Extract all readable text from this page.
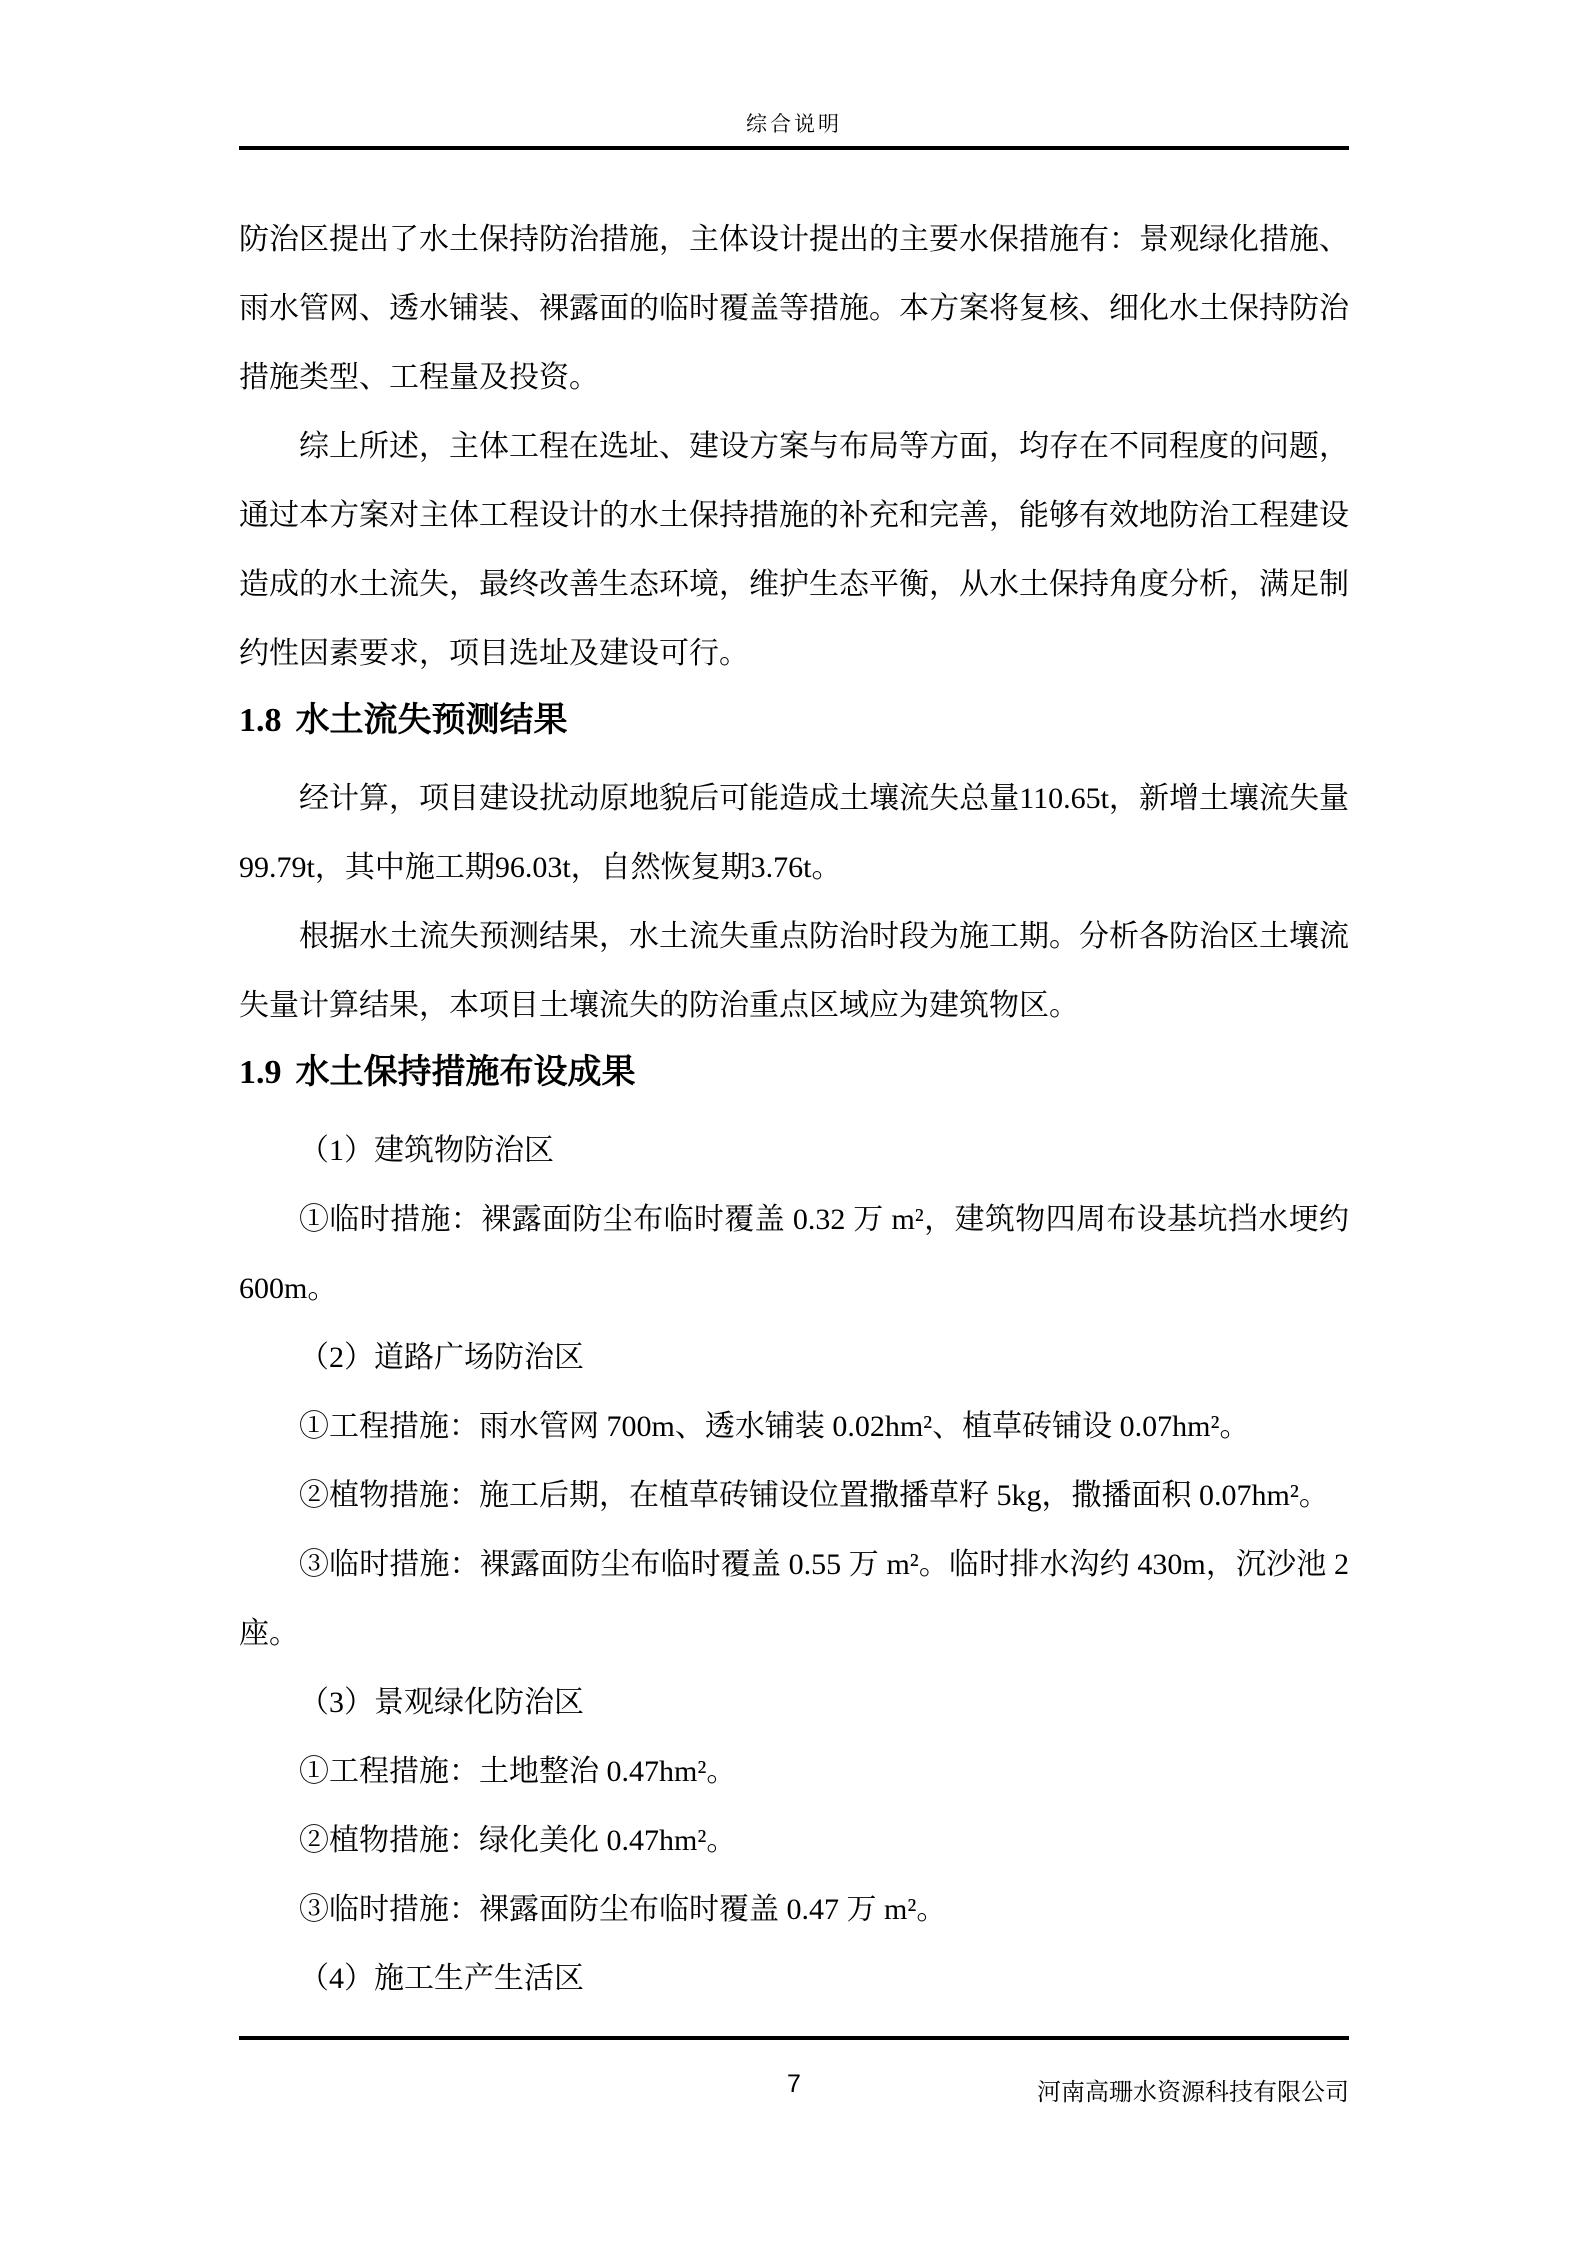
综合说明

防治区提出了水土保持防治措施，主体设计提出的主要水保措施有：景观绿化措施、雨水管网、透水铺装、裸露面的临时覆盖等措施。本方案将复核、细化水土保持防治措施类型、工程量及投资。

综上所述，主体工程在选址、建设方案与布局等方面，均存在不同程度的问题，通过本方案对主体工程设计的水土保持措施的补充和完善，能够有效地防治工程建设造成的水土流失，最终改善生态环境，维护生态平衡，从水土保持角度分析，满足制约性因素要求，项目选址及建设可行。

1.8 水土流失预测结果

经计算，项目建设扰动原地貌后可能造成土壤流失总量110.65t，新增土壤流失量99.79t，其中施工期96.03t，自然恢复期3.76t。

根据水土流失预测结果，水土流失重点防治时段为施工期。分析各防治区土壤流失量计算结果，本项目土壤流失的防治重点区域应为建筑物区。

1.9 水土保持措施布设成果

（1）建筑物防治区

①临时措施：裸露面防尘布临时覆盖 0.32 万 m²，建筑物四周布设基坑挡水埂约 600m。

（2）道路广场防治区

①工程措施：雨水管网 700m、透水铺装 0.02hm²、植草砖铺设 0.07hm²。

②植物措施：施工后期，在植草砖铺设位置撒播草籽 5kg，撒播面积 0.07hm²。

③临时措施：裸露面防尘布临时覆盖 0.55 万 m²。临时排水沟约 430m，沉沙池 2 座。

（3）景观绿化防治区

①工程措施：土地整治 0.47hm²。

②植物措施：绿化美化 0.47hm²。

③临时措施：裸露面防尘布临时覆盖 0.47 万 m²。

（4）施工生产生活区

7	河南高珊水资源科技有限公司
